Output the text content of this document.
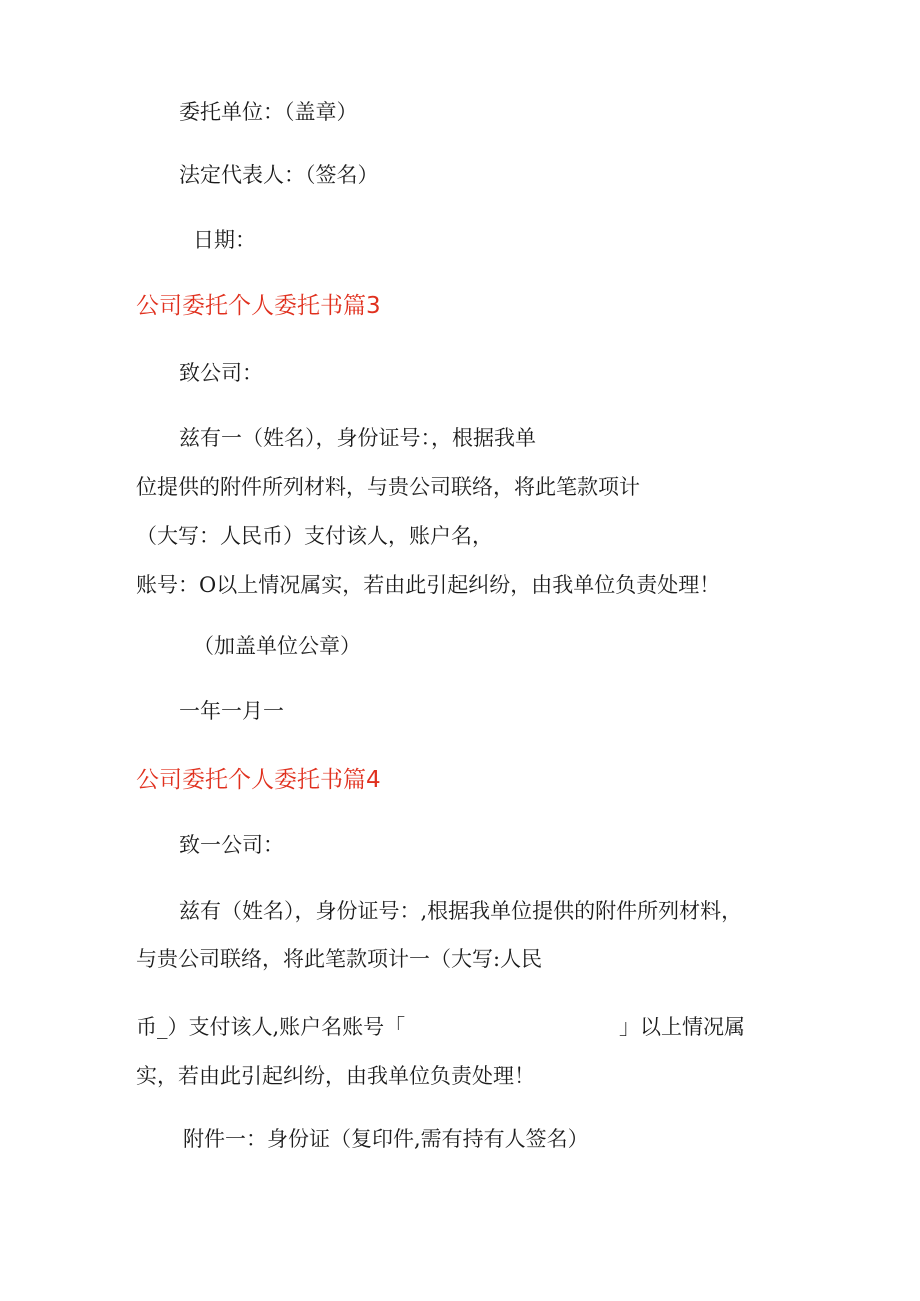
委托单位：（盖章）

法定代表人：（签名）

日期：

公司委托个人委托书篇3

致公司：

兹有一（姓名），身份证号：，根据我单

位提供的附件所列材料，与贵公司联络，将此笔款项计

（大写：人民币）支付该人，账户名，

账号：O以上情况属实，若由此引起纠纷，由我单位负责处理！

（加盖单位公章）

一年一月一

公司委托个人委托书篇4

致一公司：

兹有（姓名），身份证号：,根据我单位提供的附件所列材料，

与贵公司联络，将此笔款项计一（大写:人民

币_）支付该人,账户名账号「	」以上情况属

实，若由此引起纠纷，由我单位负责处理！

附件一：身份证（复印件,需有持有人签名）
